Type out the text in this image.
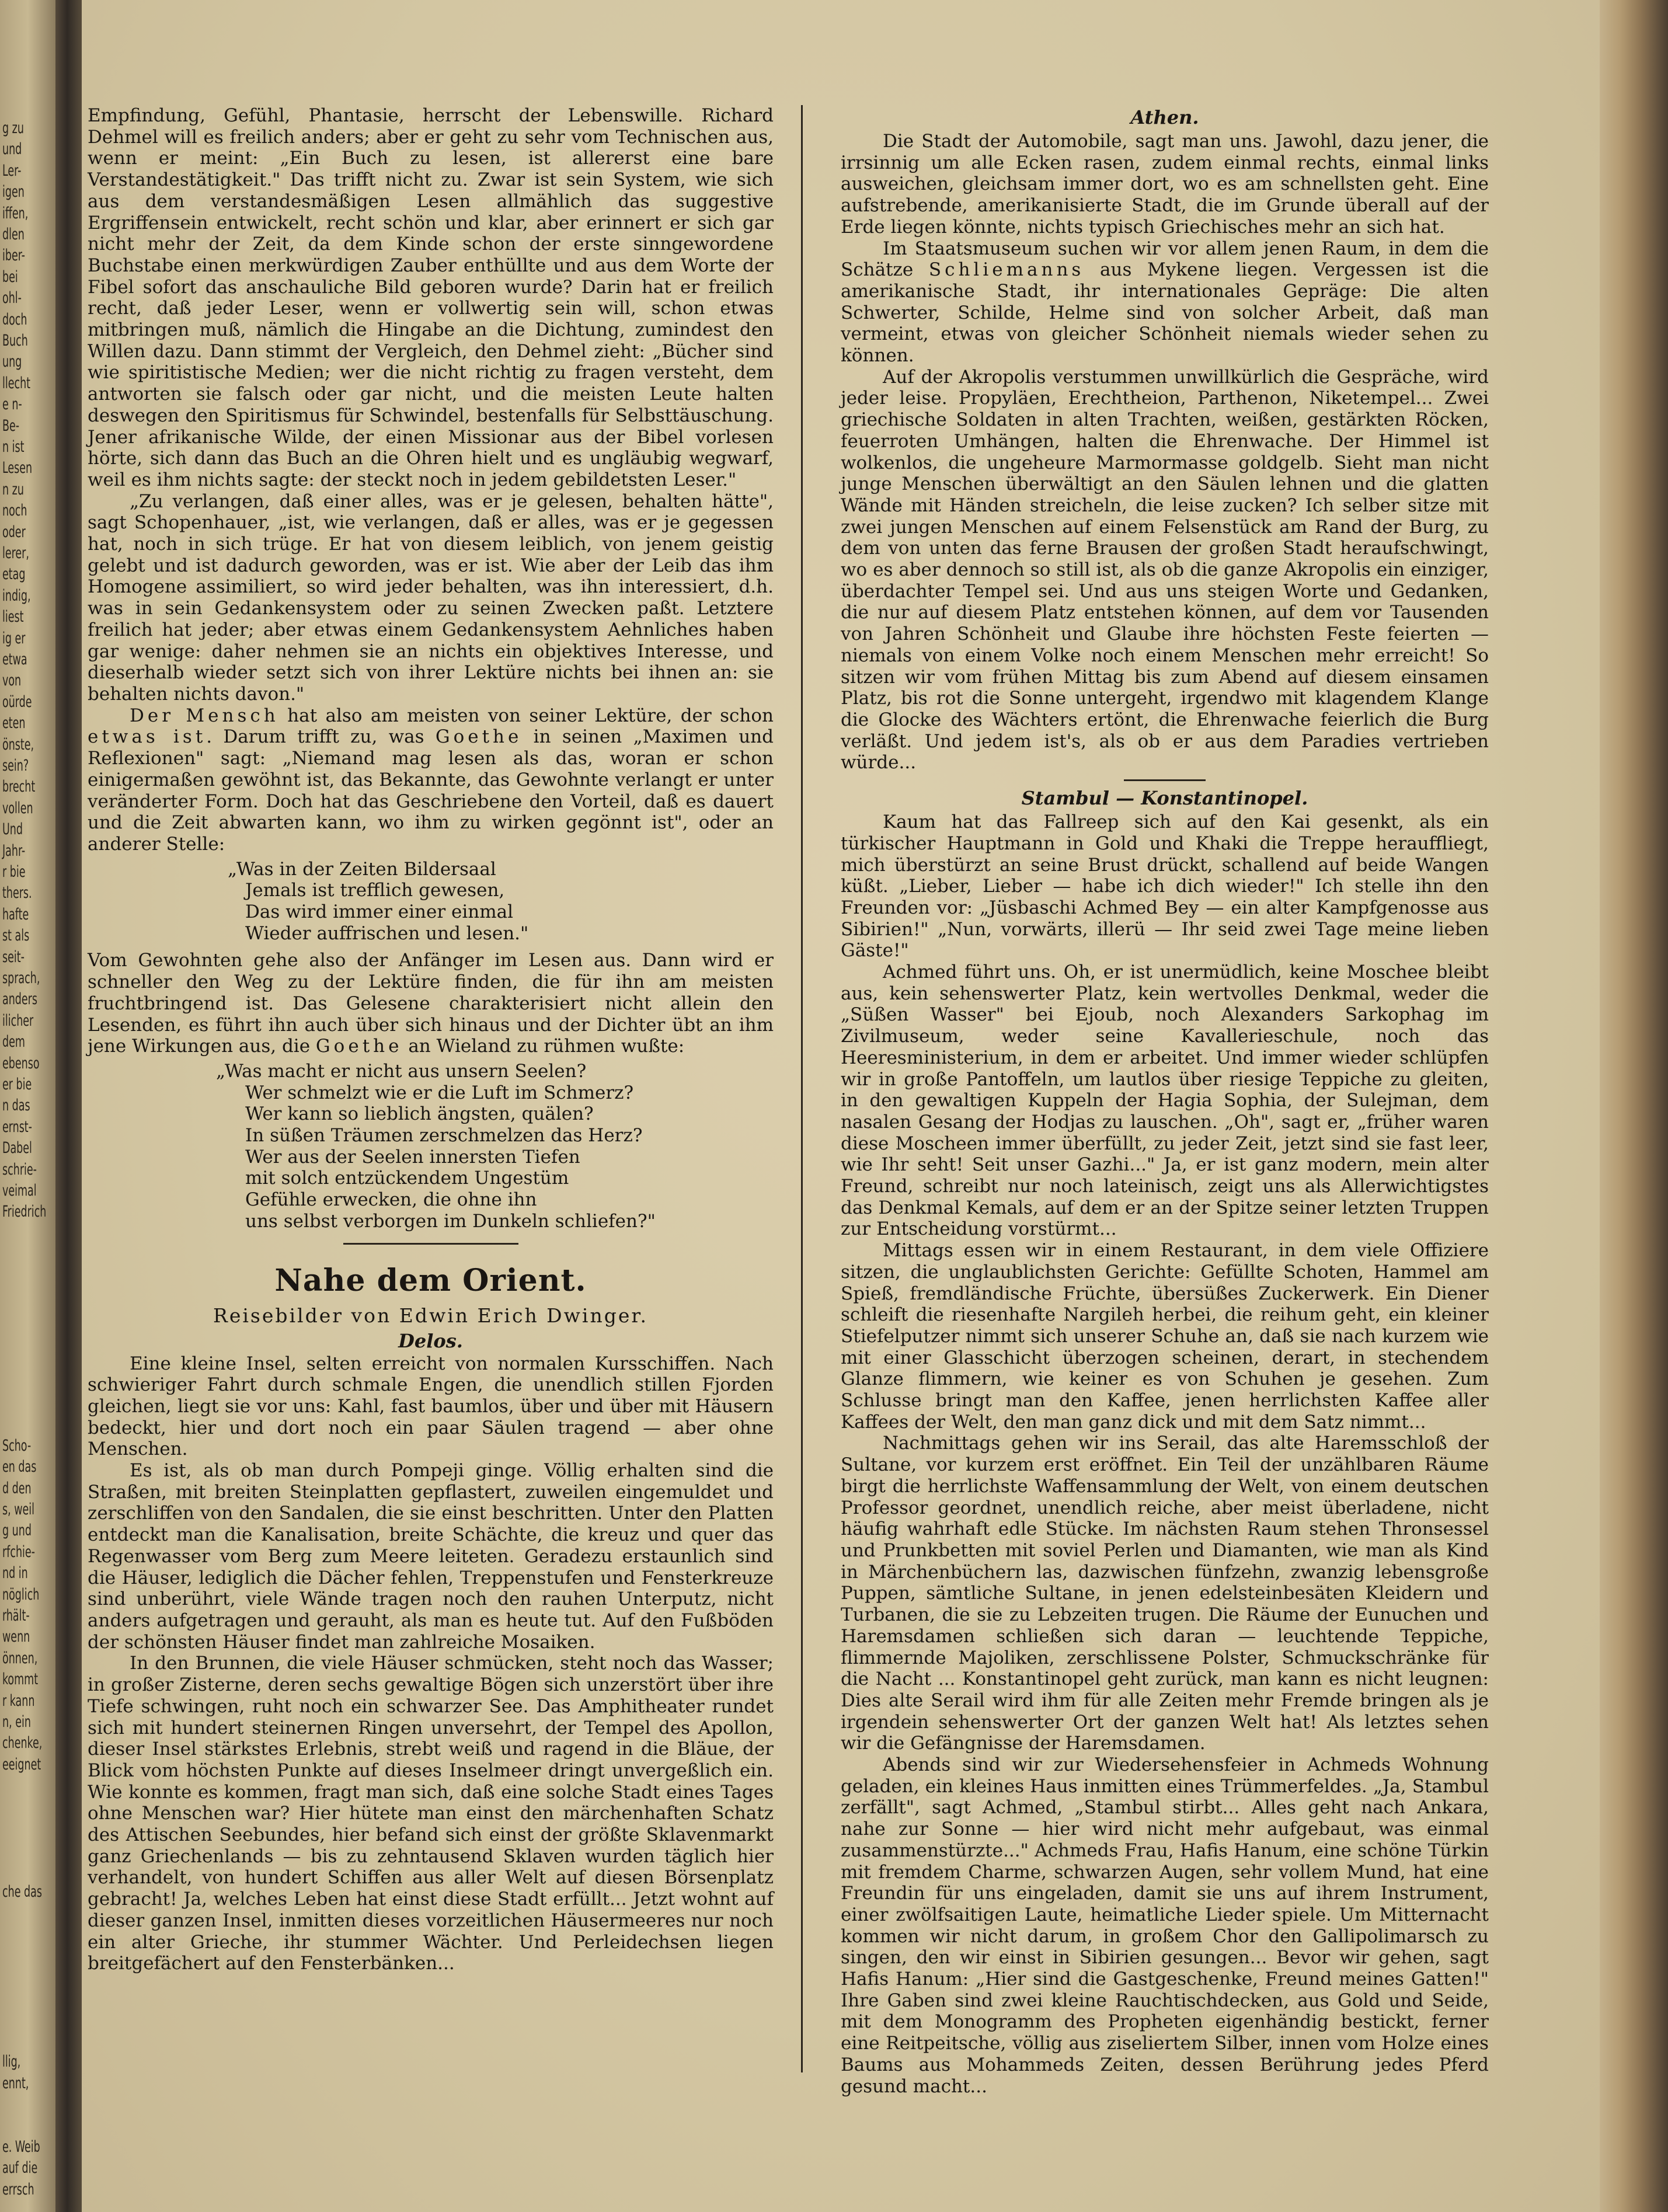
g zu
und
Ler-
igen
iffen,
dlen
iber-
bei
ohl-
doch
Buch
ung
llecht
e n-
Be-
n ist
Lesen
n zu
noch
oder
lerer,
etag
indig,
liest
ig er
etwa
von
oürde
eten
önste,
sein?
brecht
vollen
Und
Jahr-
r bie
thers.
hafte
st als
seit-
sprach,
anders
ilicher
dem
ebenso
er bie
n das
ernst-
Dabel
schrie-
veimal
Friedrich
Scho-
en das
d den
s, weil
g und
rfchie-
nd in
nöglich
rhält-
wenn
önnen,
kommt
r kann
n, ein
chenke,
eeignet
che das
llig,
ennt,
e. Weib
auf die
errsch

Empfindung, Gefühl, Phantasie, herrscht der Lebenswille. Richard Dehmel will es freilich anders; aber er geht zu sehr vom Technischen aus, wenn er meint: „Ein Buch zu lesen, ist allererst eine bare Verstandestätigkeit." Das trifft nicht zu. Zwar ist sein System, wie sich aus dem verstandesmäßigen Lesen allmählich das suggestive Ergriffensein entwickelt, recht schön und klar, aber erinnert er sich gar nicht mehr der Zeit, da dem Kinde schon der erste sinngewordene Buchstabe einen merkwürdigen Zauber enthüllte und aus dem Worte der Fibel sofort das anschauliche Bild geboren wurde? Darin hat er freilich recht, daß jeder Leser, wenn er vollwertig sein will, schon etwas mitbringen muß, nämlich die Hingabe an die Dichtung, zumindest den Willen dazu. Dann stimmt der Vergleich, den Dehmel zieht: „Bücher sind wie spiritistische Medien; wer die nicht richtig zu fragen versteht, dem antworten sie falsch oder gar nicht, und die meisten Leute halten deswegen den Spiritismus für Schwindel, bestenfalls für Selbsttäuschung. Jener afrikanische Wilde, der einen Missionar aus der Bibel vorlesen hörte, sich dann das Buch an die Ohren hielt und es ungläubig wegwarf, weil es ihm nichts sagte: der steckt noch in jedem gebildetsten Leser."

„Zu verlangen, daß einer alles, was er je gelesen, behalten hätte", sagt Schopenhauer, „ist, wie verlangen, daß er alles, was er je gegessen hat, noch in sich trüge. Er hat von diesem leiblich, von jenem geistig gelebt und ist dadurch geworden, was er ist. Wie aber der Leib das ihm Homogene assimiliert, so wird jeder behalten, was ihn interessiert, d.h. was in sein Gedankensystem oder zu seinen Zwecken paßt. Letztere freilich hat jeder; aber etwas einem Gedankensystem Aehnliches haben gar wenige: daher nehmen sie an nichts ein objektives Interesse, und dieserhalb wieder setzt sich von ihrer Lektüre nichts bei ihnen an: sie behalten nichts davon."

Der Mensch hat also am meisten von seiner Lektüre, der schon etwas ist. Darum trifft zu, was Goethe in seinen „Maximen und Reflexionen" sagt: „Niemand mag lesen als das, woran er schon einigermaßen gewöhnt ist, das Bekannte, das Gewohnte verlangt er unter veränderter Form. Doch hat das Geschriebene den Vorteil, daß es dauert und die Zeit abwarten kann, wo ihm zu wirken gegönnt ist", oder an anderer Stelle:

„Was in der Zeiten Bildersaal
Jemals ist trefflich gewesen,
Das wird immer einer einmal
Wieder auffrischen und lesen."

Vom Gewohnten gehe also der Anfänger im Lesen aus. Dann wird er schneller den Weg zu der Lektüre finden, die für ihn am meisten fruchtbringend ist. Das Gelesene charakterisiert nicht allein den Lesenden, es führt ihn auch über sich hinaus und der Dichter übt an ihm jene Wirkungen aus, die Goethe an Wieland zu rühmen wußte:

„Was macht er nicht aus unsern Seelen?
Wer schmelzt wie er die Luft im Schmerz?
Wer kann so lieblich ängsten, quälen?
In süßen Träumen zerschmelzen das Herz?
Wer aus der Seelen innersten Tiefen
mit solch entzückendem Ungestüm
Gefühle erwecken, die ohne ihn
uns selbst verborgen im Dunkeln schliefen?"
Nahe dem Orient.
Reisebilder von Edwin Erich Dwinger.
Delos.

Eine kleine Insel, selten erreicht von normalen Kursschiffen. Nach schwieriger Fahrt durch schmale Engen, die unendlich stillen Fjorden gleichen, liegt sie vor uns: Kahl, fast baumlos, über und über mit Häusern bedeckt, hier und dort noch ein paar Säulen tragend — aber ohne Menschen.

Es ist, als ob man durch Pompeji ginge. Völlig erhalten sind die Straßen, mit breiten Steinplatten gepflastert, zuweilen eingemuldet und zerschliffen von den Sandalen, die sie einst beschritten. Unter den Platten entdeckt man die Kanalisation, breite Schächte, die kreuz und quer das Regenwasser vom Berg zum Meere leiteten. Geradezu erstaunlich sind die Häuser, lediglich die Dächer fehlen, Treppenstufen und Fensterkreuze sind unberührt, viele Wände tragen noch den rauhen Unterputz, nicht anders aufgetragen und gerauht, als man es heute tut. Auf den Fußböden der schönsten Häuser findet man zahlreiche Mosaiken.

In den Brunnen, die viele Häuser schmücken, steht noch das Wasser; in großer Zisterne, deren sechs gewaltige Bögen sich unzerstört über ihre Tiefe schwingen, ruht noch ein schwarzer See. Das Amphitheater rundet sich mit hundert steinernen Ringen unversehrt, der Tempel des Apollon, dieser Insel stärkstes Erlebnis, strebt weiß und ragend in die Bläue, der Blick vom höchsten Punkte auf dieses Inselmeer dringt unvergeßlich ein. Wie konnte es kommen, fragt man sich, daß eine solche Stadt eines Tages ohne Menschen war? Hier hütete man einst den märchenhaften Schatz des Attischen Seebundes, hier befand sich einst der größte Sklavenmarkt ganz Griechenlands — bis zu zehntausend Sklaven wurden täglich hier verhandelt, von hundert Schiffen aus aller Welt auf diesen Börsenplatz gebracht! Ja, welches Leben hat einst diese Stadt erfüllt... Jetzt wohnt auf dieser ganzen Insel, inmitten dieses vorzeitlichen Häusermeeres nur noch ein alter Grieche, ihr stummer Wächter. Und Perleidechsen liegen breitgefächert auf den Fensterbänken...

Athen.

Die Stadt der Automobile, sagt man uns. Jawohl, dazu jener, die irrsinnig um alle Ecken rasen, zudem einmal rechts, einmal links ausweichen, gleichsam immer dort, wo es am schnellsten geht. Eine aufstrebende, amerikanisierte Stadt, die im Grunde überall auf der Erde liegen könnte, nichts typisch Griechisches mehr an sich hat.

Im Staatsmuseum suchen wir vor allem jenen Raum, in dem die Schätze Schliemanns aus Mykene liegen. Vergessen ist die amerikanische Stadt, ihr internationales Gepräge: Die alten Schwerter, Schilde, Helme sind von solcher Arbeit, daß man vermeint, etwas von gleicher Schönheit niemals wieder sehen zu können.

Auf der Akropolis verstummen unwillkürlich die Gespräche, wird jeder leise. Propyläen, Erechtheion, Parthenon, Niketempel... Zwei griechische Soldaten in alten Trachten, weißen, gestärkten Röcken, feuerroten Umhängen, halten die Ehrenwache. Der Himmel ist wolkenlos, die ungeheure Marmormasse goldgelb. Sieht man nicht junge Menschen überwältigt an den Säulen lehnen und die glatten Wände mit Händen streicheln, die leise zucken? Ich selber sitze mit zwei jungen Menschen auf einem Felsenstück am Rand der Burg, zu dem von unten das ferne Brausen der großen Stadt heraufschwingt, wo es aber dennoch so still ist, als ob die ganze Akropolis ein einziger, überdachter Tempel sei. Und aus uns steigen Worte und Gedanken, die nur auf diesem Platz entstehen können, auf dem vor Tausenden von Jahren Schönheit und Glaube ihre höchsten Feste feierten — niemals von einem Volke noch einem Menschen mehr erreicht! So sitzen wir vom frühen Mittag bis zum Abend auf diesem einsamen Platz, bis rot die Sonne untergeht, irgendwo mit klagendem Klange die Glocke des Wächters ertönt, die Ehrenwache feierlich die Burg verläßt. Und jedem ist's, als ob er aus dem Paradies vertrieben würde...

Stambul — Konstantinopel.

Kaum hat das Fallreep sich auf den Kai gesenkt, als ein türkischer Hauptmann in Gold und Khaki die Treppe herauffliegt, mich überstürzt an seine Brust drückt, schallend auf beide Wangen küßt. „Lieber, Lieber — habe ich dich wieder!" Ich stelle ihn den Freunden vor: „Jüsbaschi Achmed Bey — ein alter Kampfgenosse aus Sibirien!" „Nun, vorwärts, illerü — Ihr seid zwei Tage meine lieben Gäste!"

Achmed führt uns. Oh, er ist unermüdlich, keine Moschee bleibt aus, kein sehenswerter Platz, kein wertvolles Denkmal, weder die „Süßen Wasser" bei Ejoub, noch Alexanders Sarkophag im Zivilmuseum, weder seine Kavallerieschule, noch das Heeresministerium, in dem er arbeitet. Und immer wieder schlüpfen wir in große Pantoffeln, um lautlos über riesige Teppiche zu gleiten, in den gewaltigen Kuppeln der Hagia Sophia, der Sulejman, dem nasalen Gesang der Hodjas zu lauschen. „Oh", sagt er, „früher waren diese Moscheen immer überfüllt, zu jeder Zeit, jetzt sind sie fast leer, wie Ihr seht! Seit unser Gazhi..." Ja, er ist ganz modern, mein alter Freund, schreibt nur noch lateinisch, zeigt uns als Allerwichtigstes das Denkmal Kemals, auf dem er an der Spitze seiner letzten Truppen zur Entscheidung vorstürmt...

Mittags essen wir in einem Restaurant, in dem viele Offiziere sitzen, die unglaublichsten Gerichte: Gefüllte Schoten, Hammel am Spieß, fremdländische Früchte, übersüßes Zuckerwerk. Ein Diener schleift die riesenhafte Nargileh herbei, die reihum geht, ein kleiner Stiefelputzer nimmt sich unserer Schuhe an, daß sie nach kurzem wie mit einer Glasschicht überzogen scheinen, derart, in stechendem Glanze flimmern, wie keiner es von Schuhen je gesehen. Zum Schlusse bringt man den Kaffee, jenen herrlichsten Kaffee aller Kaffees der Welt, den man ganz dick und mit dem Satz nimmt...

Nachmittags gehen wir ins Serail, das alte Haremsschloß der Sultane, vor kurzem erst eröffnet. Ein Teil der unzählbaren Räume birgt die herrlichste Waffensammlung der Welt, von einem deutschen Professor geordnet, unendlich reiche, aber meist überladene, nicht häufig wahrhaft edle Stücke. Im nächsten Raum stehen Thronsessel und Prunkbetten mit soviel Perlen und Diamanten, wie man als Kind in Märchenbüchern las, dazwischen fünfzehn, zwanzig lebensgroße Puppen, sämtliche Sultane, in jenen edelsteinbesäten Kleidern und Turbanen, die sie zu Lebzeiten trugen. Die Räume der Eunuchen und Haremsdamen schließen sich daran — leuchtende Teppiche, flimmernde Majoliken, zerschlissene Polster, Schmuckschränke für die Nacht ... Konstantinopel geht zurück, man kann es nicht leugnen: Dies alte Serail wird ihm für alle Zeiten mehr Fremde bringen als je irgendein sehenswerter Ort der ganzen Welt hat! Als letztes sehen wir die Gefängnisse der Haremsdamen.

Abends sind wir zur Wiedersehensfeier in Achmeds Wohnung geladen, ein kleines Haus inmitten eines Trümmerfeldes. „Ja, Stambul zerfällt", sagt Achmed, „Stambul stirbt... Alles geht nach Ankara, nahe zur Sonne — hier wird nicht mehr aufgebaut, was einmal zusammenstürzte..." Achmeds Frau, Hafis Hanum, eine schöne Türkin mit fremdem Charme, schwarzen Augen, sehr vollem Mund, hat eine Freundin für uns eingeladen, damit sie uns auf ihrem Instrument, einer zwölfsaitigen Laute, heimatliche Lieder spiele. Um Mitternacht kommen wir nicht darum, in großem Chor den Gallipolimarsch zu singen, den wir einst in Sibirien gesungen... Bevor wir gehen, sagt Hafis Hanum: „Hier sind die Gastgeschenke, Freund meines Gatten!" Ihre Gaben sind zwei kleine Rauchtischdecken, aus Gold und Seide, mit dem Monogramm des Propheten eigenhändig bestickt, ferner eine Reitpeitsche, völlig aus ziseliertem Silber, innen vom Holze eines Baums aus Mohammeds Zeiten, dessen Berührung jedes Pferd gesund macht...
